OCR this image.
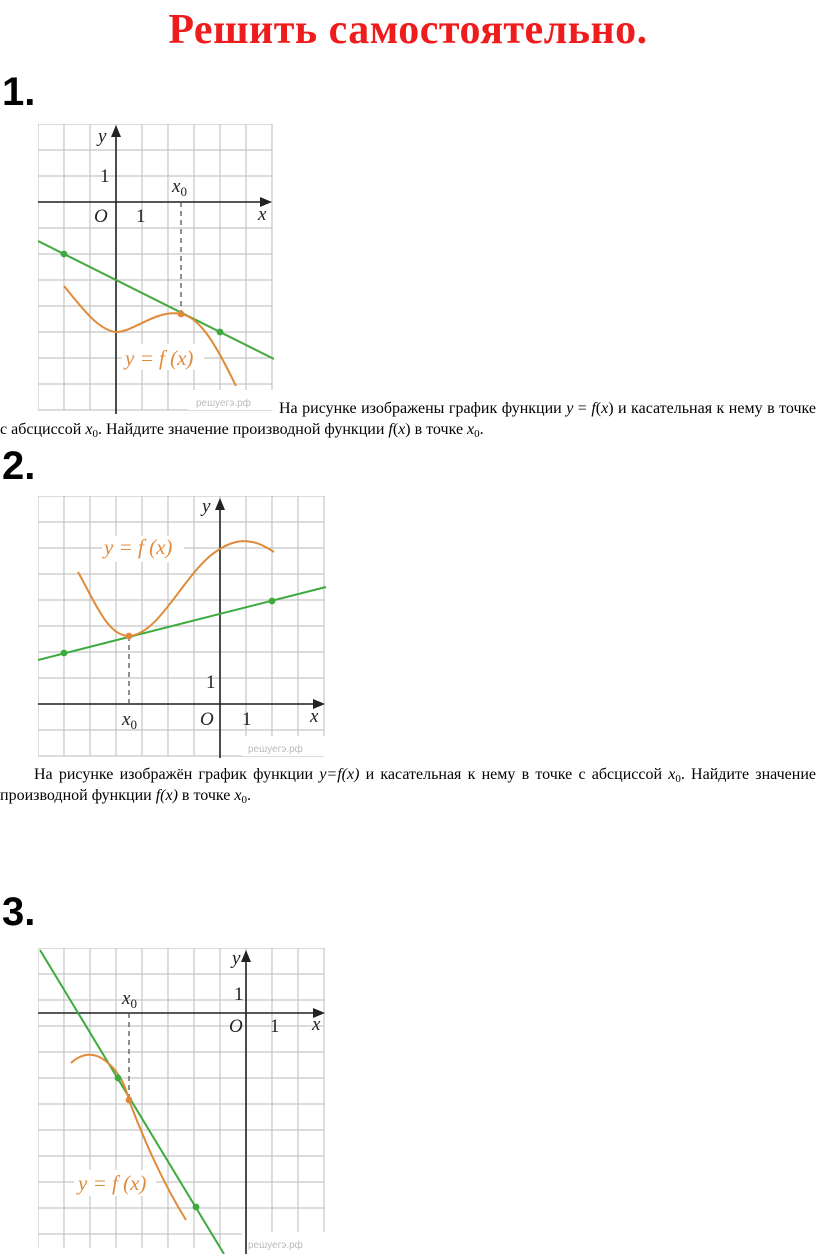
Решить самостоятельно.
1.
решуегэ.рф
y
x
O 1
1	$x_0$
y = f (x)
На рисунке изображены график функции y = f(x) и касательная к нему в точке с абсциссой $x_0$. Найдите значение производной функции f(x) в точке $x_0$.
2.
решуегэ.рф
y
x
O 1
1
$x_0$
y = f (x)
На рисунке изображён график функции y=f(x) и касательная к нему в точке с абсциссой $x_0$. Найдите значение производной функции f(x) в точке $x_0$.
3.
решуегэ.рф
y
x
O 1
1
$x_0$
y = f (x)
